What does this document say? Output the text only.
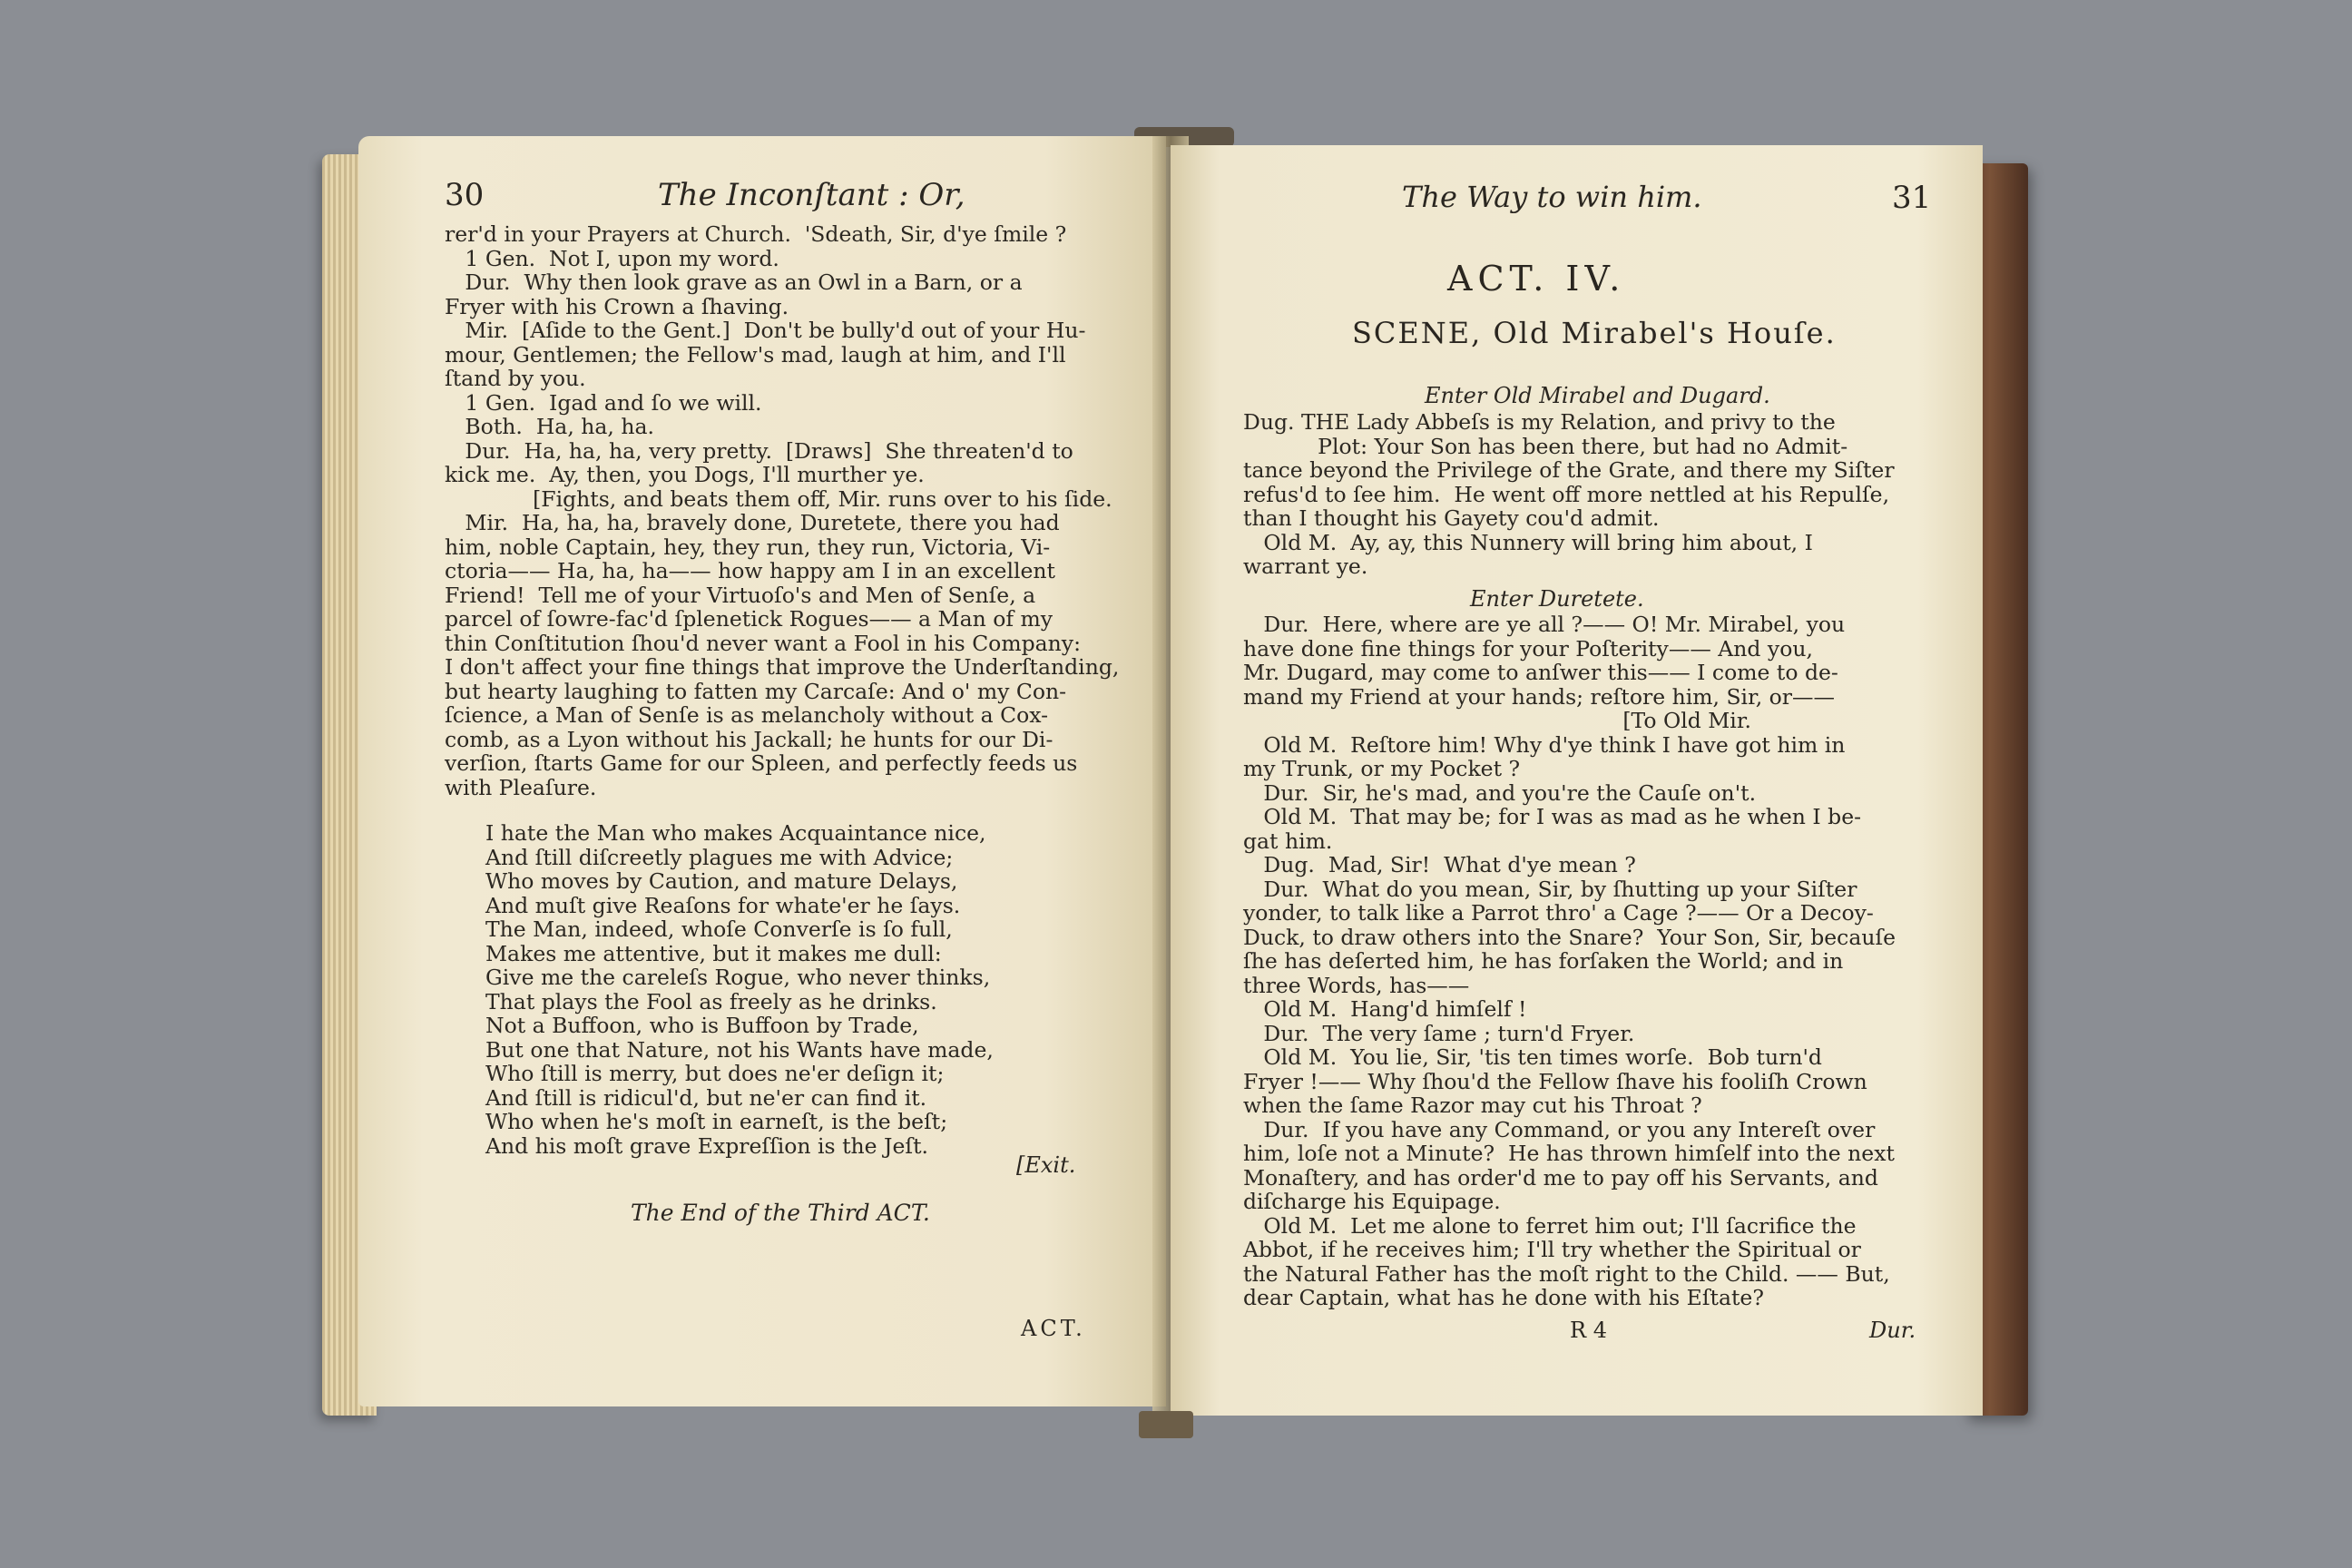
30	The Inconſtant : Or,
rer'd in your Prayers at Church.  'Sdeath, Sir, d'ye ſmile ?
1 Gen.  Not I, upon my word.
Dur.  Why then look grave as an Owl in a Barn, or a
Fryer with his Crown a ſhaving.
Mir.  [Aſide to the Gent.]  Don't be bully'd out of your Hu-
mour, Gentlemen; the Fellow's mad, laugh at him, and I'll
ſtand by you.
1 Gen.  Igad and ſo we will.
Both.  Ha, ha, ha.
Dur.  Ha, ha, ha, very pretty.  [Draws]  She threaten'd to
kick me.  Ay, then, you Dogs, I'll murther ye.
[Fights, and beats them off, Mir. runs over to his ſide.
Mir.  Ha, ha, ha, bravely done, Duretete, there you had
him, noble Captain, hey, they run, they run, Victoria, Vi-
ctoria—— Ha, ha, ha—— how happy am I in an excellent
Friend!  Tell me of your Virtuoſo's and Men of Senſe, a
parcel of ſowre-fac'd ſplenetick Rogues—— a Man of my
thin Conſtitution ſhou'd never want a Fool in his Company:
I don't affect your fine things that improve the Underſtanding,
but hearty laughing to fatten my Carcaſe: And o' my Con-
ſcience, a Man of Senſe is as melancholy without a Cox-
comb, as a Lyon without his Jackall; he hunts for our Di-
verſion, ſtarts Game for our Spleen, and perfectly feeds us
with Pleaſure.
I hate the Man who makes Acquaintance nice,
And ſtill diſcreetly plagues me with Advice;
Who moves by Caution, and mature Delays,
And muſt give Reaſons for whate'er he ſays.
The Man, indeed, whoſe Converſe is ſo full,
Makes me attentive, but it makes me dull:
Give me the careleſs Rogue, who never thinks,
That plays the Fool as freely as he drinks.
Not a Buffoon, who is Buffoon by Trade,
But one that Nature, not his Wants have made,
Who ſtill is merry, but does ne'er deſign it;
And ſtill is ridicul'd, but ne'er can find it.
Who when he's moſt in earneſt, is the beſt;
And his moſt grave Expreſſion is the Jeſt.
[Exit.
The End of the Third ACT.
ACT.
The Way to win him.	31
ACT. IV.
SCENE, Old Mirabel's Houſe.
Enter Old Mirabel and Dugard.
Dug. THE Lady Abbeſs is my Relation, and privy to the
Plot: Your Son has been there, but had no Admit-
tance beyond the Privilege of the Grate, and there my Siſter
refus'd to ſee him.  He went off more nettled at his Repulſe,
than I thought his Gayety cou'd admit.
Old M.  Ay, ay, this Nunnery will bring him about, I
warrant ye.
Enter Duretete.
Dur.  Here, where are ye all ?—— O! Mr. Mirabel, you
have done fine things for your Poſterity—— And you,
Mr. Dugard, may come to anſwer this—— I come to de-
mand my Friend at your hands; reſtore him, Sir, or——
[To Old Mir.
Old M.  Reſtore him! Why d'ye think I have got him in
my Trunk, or my Pocket ?
Dur.  Sir, he's mad, and you're the Cauſe on't.
Old M.  That may be; for I was as mad as he when I be-
gat him.
Dug.  Mad, Sir!  What d'ye mean ?
Dur.  What do you mean, Sir, by ſhutting up your Siſter
yonder, to talk like a Parrot thro' a Cage ?—— Or a Decoy-
Duck, to draw others into the Snare?  Your Son, Sir, becauſe
ſhe has deſerted him, he has forſaken the World; and in
three Words, has——
Old M.  Hang'd himſelf !
Dur.  The very ſame ; turn'd Fryer.
Old M.  You lie, Sir, 'tis ten times worſe.  Bob turn'd
Fryer !—— Why ſhou'd the Fellow ſhave his fooliſh Crown
when the ſame Razor may cut his Throat ?
Dur.  If you have any Command, or you any Intereſt over
him, loſe not a Minute?  He has thrown himſelf into the next
Monaſtery, and has order'd me to pay off his Servants, and
diſcharge his Equipage.
Old M.  Let me alone to ferret him out; I'll ſacrifice the
Abbot, if he receives him; I'll try whether the Spiritual or
the Natural Father has the moſt right to the Child. —— But,
dear Captain, what has he done with his Eſtate?
R 4	Dur.
